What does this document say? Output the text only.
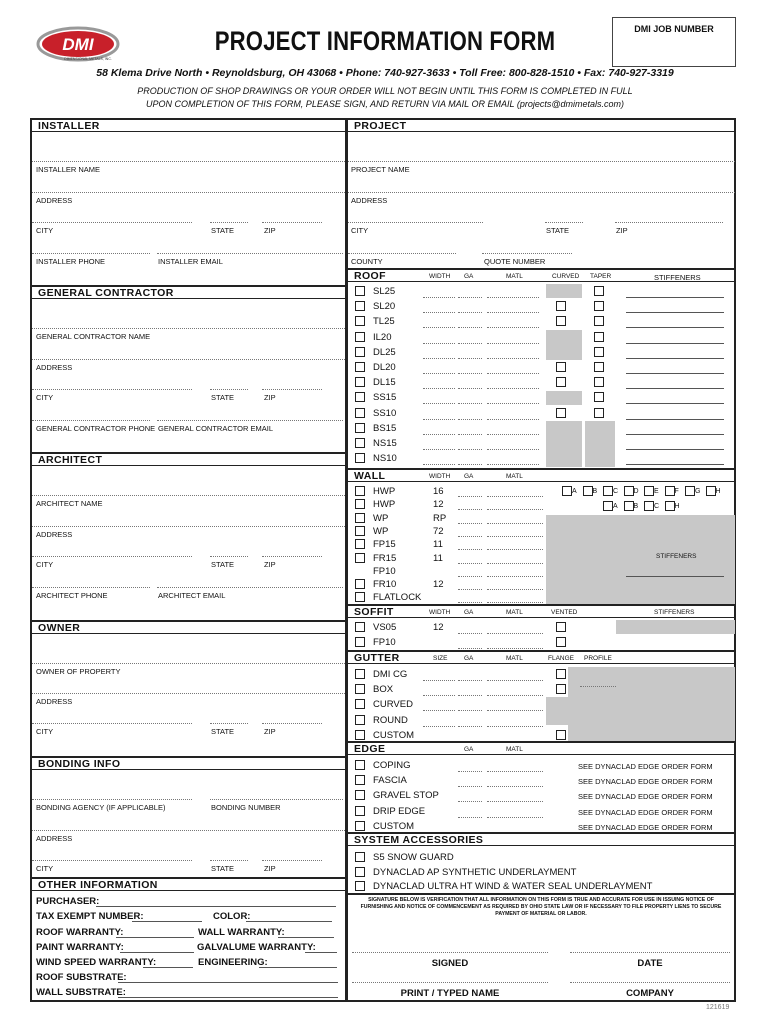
DMI
DIMENSIONAL METALS, INC.
PROJECT INFORMATION FORM	DMI JOB NUMBER
58 Klema Drive North • Reynoldsburg, OH 43068 • Phone: 740-927-3633 • Toll Free: 800-828-1510 • Fax: 740-927-3319
PRODUCTION OF SHOP DRAWINGS OR YOUR ORDER WILL NOT BEGIN UNTIL THIS FORM IS COMPLETED IN FULL
UPON COMPLETION OF THIS FORM, PLEASE SIGN, AND RETURN VIA MAIL OR EMAIL (projects@dmimetals.com)
121619
INSTALLER
INSTALLER NAME
ADDRESS
CITY	STATE	ZIP
INSTALLER PHONE	INSTALLER EMAIL
GENERAL CONTRACTOR
GENERAL CONTRACTOR NAME
ADDRESS
CITY	STATE	ZIP
GENERAL CONTRACTOR PHONE GENERAL CONTRACTOR EMAIL
ARCHITECT
ARCHITECT NAME
ADDRESS
CITY	STATE	ZIP
ARCHITECT PHONE	ARCHITECT EMAIL
OWNER
OWNER OF PROPERTY
ADDRESS
CITY	STATE	ZIP
BONDING INFO
BONDING AGENCY (IF APPLICABLE)	BONDING NUMBER
ADDRESS
CITY	STATE	ZIP
OTHER INFORMATION
PURCHASER:
TAX EXEMPT NUMBER:	COLOR:
ROOF WARRANTY:	WALL WARRANTY:
PAINT WARRANTY:	GALVALUME WARRANTY:
WIND SPEED WARRANTY:	ENGINEERING:
ROOF SUBSTRATE:
WALL SUBSTRATE:
PROJECT
PROJECT NAME
ADDRESS
CITY	STATE	ZIP
COUNTY	QUOTE NUMBER
ROOF	WIDTH GA	MATL	CURVED TAPER	STIFFENERS
SL25
SL20
TL25
IL20
DL25
DL20
DL15
SS15
SS10
BS15
NS15
NS10
WALL	WIDTH GA	MATL
STIFFENERS
A B C D E F G H
A B C H
HWP	16
HWP	12
WP	RP
WP	72
FP15	11
FR15	11
FP10
FR10	12
FLATLOCK
SOFFIT	WIDTH GA	MATL	VENTED	STIFFENERS
VS05	12
FP10
GUTTER	SIZE	GA	MATL	FLANGE PROFILE
DMI CG
BOX
CURVED
ROUND
CUSTOM
EDGE	GA	MATL
COPING	SEE DYNACLAD EDGE ORDER FORM
FASCIA	SEE DYNACLAD EDGE ORDER FORM
GRAVEL STOP	SEE DYNACLAD EDGE ORDER FORM
DRIP EDGE	SEE DYNACLAD EDGE ORDER FORM
CUSTOM	SEE DYNACLAD EDGE ORDER FORM
SYSTEM ACCESSORIES
S5 SNOW GUARD
DYNACLAD AP SYNTHETIC UNDERLAYMENT
DYNACLAD ULTRA HT WIND & WATER SEAL UNDERLAYMENT
SIGNATURE BELOW IS VERIFICATION THAT ALL INFORMATION ON THIS FORM IS TRUE AND ACCURATE FOR USE IN ISSUING NOTICE OF FURNISHING AND NOTICE OF COMMENCEMENT AS REQUIRED BY OHIO STATE LAW OR IF NECESSARY TO FILE PROPERTY LIENS TO SECURE PAYMENT OF MATERIAL OR LABOR.
SIGNED	DATE
PRINT / TYPED NAME	COMPANY
